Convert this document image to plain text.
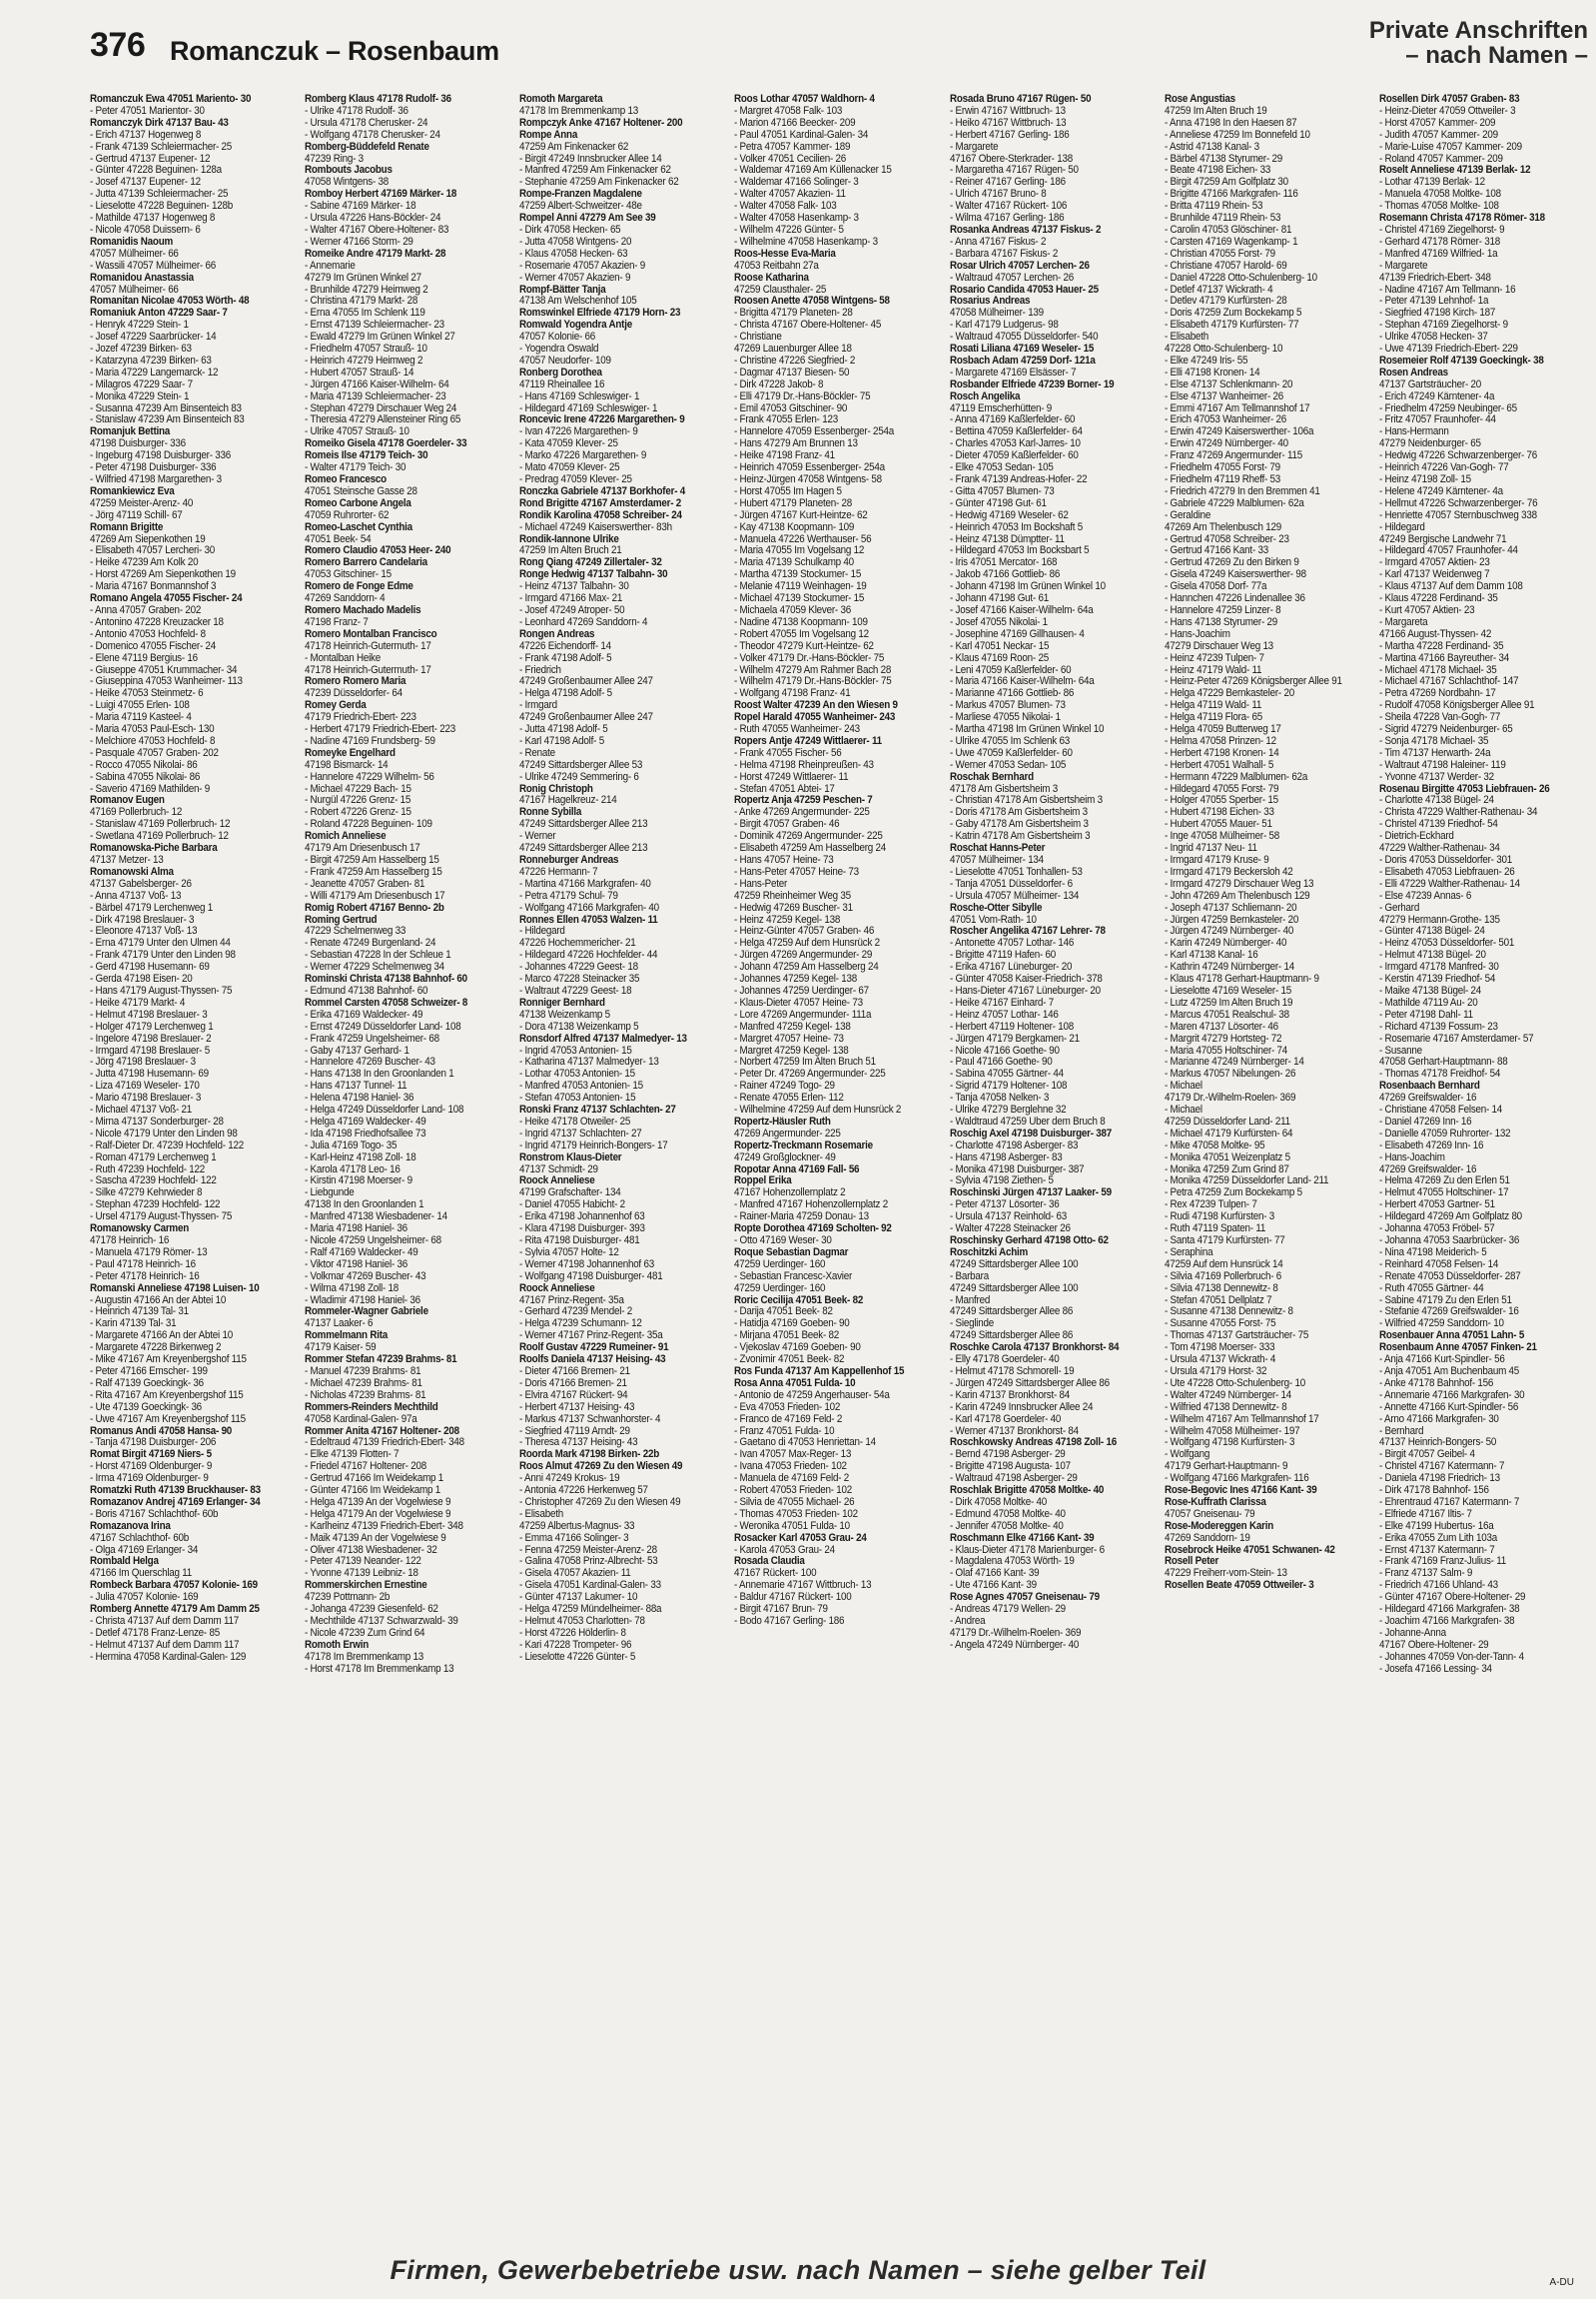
376 Romanczuk – Rosenbaum
Private Anschriften
– nach Namen –
Romanczuk Ewa 47051 Mariento- 30
- Peter 47051 Marientor- 30
Romanczyk Dirk 47137 Bau- 43
- Erich 47137 Hogenweg 8
- Frank 47139 Schleiermacher- 25
- Gertrud 47137 Eupener- 12
- Günter 47228 Beguinen- 128a
- Josef 47137 Eupener- 12
- Jutta 47139 Schleiermacher- 25
- Lieselotte 47228 Beguinen- 128b
- Mathilde 47137 Hogenweg 8
- Nicole 47058 Duissern- 6
Romanidis Naoum
47057 Mülheimer- 66
- Wassili 47057 Mülheimer- 66
Romanidou Anastassia
47057 Mülheimer- 66
Romanitan Nicolae 47053 Wörth- 48
Romaniuk Anton 47229 Saar- 7
- Henryk 47229 Stein- 1
- Josef 47229 Saarbrücker- 14
- Jozef 47239 Birken- 63
- Katarzyna 47239 Birken- 63
- Maria 47229 Langemarck- 12
- Milagros 47229 Saar- 7
- Monika 47229 Stein- 1
- Susanna 47239 Am Binsenteich 83
- Stanislaw 47239 Am Binsenteich 83
Romanjuk Bettina
47198 Duisburger- 336
- Ingeburg 47198 Duisburger- 336
- Peter 47198 Duisburger- 336
- Wilfried 47198 Margarethen- 3
Romankiewicz Eva
47259 Meister-Arenz- 40
- Jörg 47119 Schill- 67
Romann Brigitte
47269 Am Siepenkothen 19
- Elisabeth 47057 Lercheri- 30
- Heike 47239 Am Kolk 20
- Horst 47269 Am Siepenkothen 19
- Maria 47167 Bonmannshof 3
Romano Angela 47055 Fischer- 24
- Anna 47057 Graben- 202
- Antonino 47228 Kreuzacker 18
- Antonio 47053 Hochfeld- 8
- Domenico 47055 Fischer- 24
- Elene 47119 Bergius- 16
- Giuseppe 47051 Krummacher- 34
- Giuseppina 47053 Wanheimer- 113
- Heike 47053 Steinmetz- 6
- Luigi 47055 Erlen- 108
- Maria 47119 Kasteel- 4
- Maria 47053 Paul-Esch- 130
- Melchiore 47053 Hochfeld- 8
- Pasquale 47057 Graben- 202
- Rocco 47055 Nikolai- 86
- Sabina 47055 Nikolai- 86
- Saverio 47169 Mathilden- 9
Romanov Eugen
47169 Pollerbruch- 12
- Stanislaw 47169 Pollerbruch- 12
- Swetlana 47169 Pollerbruch- 12
Romanowska-Piche Barbara
47137 Metzer- 13
Romanowski Alma
47137 Gabelsberger- 26
- Anna 47137 Voß- 13
- Bärbel 47179 Lerchenweg 1
- Dirk 47198 Breslauer- 3
- Eleonore 47137 Voß- 13
- Erna 47179 Unter den Ulmen 44
- Frank 47179 Unter den Linden 98
- Gerd 47198 Husemann- 69
- Gerda 47198 Eisen- 20
- Hans 47179 August-Thyssen- 75
- Heike 47179 Markt- 4
- Helmut 47198 Breslauer- 3
- Holger 47179 Lerchenweg 1
- Ingelore 47198 Breslauer- 2
- Irmgard 47198 Breslauer- 5
- Jörg 47198 Breslauer- 3
- Jutta 47198 Husemann- 69
- Liza 47169 Weseler- 170
- Mario 47198 Breslauer- 3
- Michael 47137 Voß- 21
- Mirna 47137 Sonderburger- 28
- Nicole 47179 Unter den Linden 98
- Ralf-Dieter Dr. 47239 Hochfeld- 122
- Roman 47179 Lerchenweg 1
- Ruth 47239 Hochfeld- 122
- Sascha 47239 Hochfeld- 122
- Silke 47279 Kehrwieder 8
- Stephan 47239 Hochfeld- 122
- Ursel 47179 August-Thyssen- 75
Romanowsky Carmen
47178 Heinrich- 16
- Manuela 47179 Römer- 13
- Paul 47178 Heinrich- 16
- Peter 47178 Heinrich- 16
Romanski Anneliese 47198 Luisen- 10
- Augustin 47166 An der Abtei 10
- Heinrich 47139 Tal- 31
- Karin 47139 Tal- 31
- Margarete 47166 An der Abtei 10
- Margarete 47228 Birkenweg 2
- Mike 47167 Am Kreyenbergshof 115
- Peter 47166 Emscher- 199
- Ralf 47139 Goeckingk- 36
- Rita 47167 Am Kreyenbergshof 115
- Ute 47139 Goeckingk- 36
- Uwe 47167 Am Kreyenbergshof 115
Romanus Andi 47058 Hansa- 90
- Tanja 47198 Duisburger- 206
Romat Birgit 47169 Niers- 5
- Horst 47169 Oldenburger- 9
- Irma 47169 Oldenburger- 9
Romatzki Ruth 47139 Bruckhauser- 83
Romazanov Andrej 47169 Erlanger- 34
- Boris 47167 Schlachthof- 60b
Romazanova Irina
47167 Schlachthof- 60b
- Olga 47169 Erlanger- 34
Rombald Helga
47166 Im Querschlag 11
Rombeck Barbara 47057 Kolonie- 169
- Julia 47057 Kolonie- 169
Romberg Annette 47179 Am Damm 25
- Christa 47137 Auf dem Damm 117
- Detlef 47178 Franz-Lenze- 85
- Helmut 47137 Auf dem Damm 117
- Hermina 47058 Kardinal-Galen- 129
Romberg Klaus 47178 Rudolf- 36
- Ulrike 47178 Rudolf- 36
- Ursula 47178 Cherusker- 24
- Wolfgang 47178 Cherusker- 24
Romberg-Büddefeld Renate
47239 Ring- 3
Rombouts Jacobus
47058 Wintgens- 38
Romboy Herbert 47169 Märker- 18
- Sabine 47169 Märker- 18
- Ursula 47226 Hans-Böckler- 24
- Walter 47167 Obere-Holtener- 83
- Werner 47166 Storm- 29
Romeike Andre 47179 Markt- 28
- Annemarie
47279 Im Grünen Winkel 27
- Brunhilde 47279 Heimweg 2
- Christina 47179 Markt- 28
- Erna 47055 Im Schlenk 119
- Ernst 47139 Schleiermacher- 23
- Ewald 47279 Im Grünen Winkel 27
- Friedhelm 47057 Strauß- 10
- Heinrich 47279 Heimweg 2
- Hubert 47057 Strauß- 14
- Jürgen 47166 Kaiser-Wilhelm- 64
- Maria 47139 Schleiermacher- 23
- Stephan 47279 Dirschauer Weg 24
- Theresia 47279 Allensteiner Ring 65
- Ulrike 47057 Strauß- 10
Romeiko Gisela 47178 Goerdeler- 33
Romeis Ilse 47179 Teich- 30
- Walter 47179 Teich- 30
Romeo Francesco
47051 Steinsche Gasse 28
Romeo Carbone Angela
47059 Ruhrorter- 62
Romeo-Laschet Cynthia
47051 Beek- 54
Romero Claudio 47053 Heer- 240
Romero Barrero Candelaria
47053 Gitschiner- 15
Romero de Fonge Edme
47269 Sanddorn- 4
Romero Machado Madelis
47198 Franz- 7
Romero Montalban Francisco
47178 Heinrich-Gutermuth- 17
- Montalban Heike
47178 Heinrich-Gutermuth- 17
Romero Romero Maria
47239 Düsseldorfer- 64
Romey Gerda
47179 Friedrich-Ebert- 223
- Herbert 47179 Friedrich-Ebert- 223
- Nadine 47169 Frundsberg- 59
Romeyke Engelhard
47198 Bismarck- 14
- Hannelore 47229 Wilhelm- 56
- Michael 47229 Bach- 15
- Nurgül 47226 Grenz- 15
- Robert 47226 Grenz- 15
- Roland 47228 Beguinen- 109
Romich Anneliese
47179 Am Driesenbusch 17
- Birgit 47259 Am Hasselberg 15
- Frank 47259 Am Hasselberg 15
- Jeanette 47057 Graben- 81
- Willi 47179 Am Driesenbusch 17
Romig Robert 47167 Benno- 2b
Roming Gertrud
47229 Schelmenweg 33
- Renate 47249 Burgenland- 24
- Sebastian 47228 In der Schleue 1
- Werner 47229 Schelmenweg 34
Rominski Christa 47138 Bahnhof- 60
- Edmund 47138 Bahnhof- 60
Rommel Carsten 47058 Schweizer- 8
- Erika 47169 Waldecker- 49
- Ernst 47249 Düsseldorfer Land- 108
- Frank 47259 Ungelsheimer- 68
- Gaby 47137 Gerhard- 1
- Hannelore 47269 Buscher- 43
- Hans 47138 In den Groonlanden 1
- Hans 47137 Tunnel- 11
- Helena 47198 Haniel- 36
- Helga 47249 Düsseldorfer Land- 108
- Helga 47169 Waldecker- 49
- Ida 47198 Friedhofsallee 73
- Julia 47169 Togo- 35
- Karl-Heinz 47198 Zoll- 18
- Karola 47178 Leo- 16
- Kirstin 47198 Moerser- 9
- Liebgunde
47138 In den Groonlanden 1
- Manfred 47138 Wiesbadener- 14
- Maria 47198 Haniel- 36
- Nicole 47259 Ungelsheimer- 68
- Ralf 47169 Waldecker- 49
- Viktor 47198 Haniel- 36
- Volkmar 47269 Buscher- 43
- Wilma 47198 Zoll- 18
- Wladimir 47198 Haniel- 36
Rommeler-Wagner Gabriele
47137 Laaker- 6
Rommelmann Rita
47179 Kaiser- 59
Rommer Stefan 47239 Brahms- 81
- Manuel 47239 Brahms- 81
- Michael 47239 Brahms- 81
- Nicholas 47239 Brahms- 81
Rommers-Reinders Mechthild
47058 Kardinal-Galen- 97a
Rommer Anita 47167 Holtener- 208
- Edeltraud 47139 Friedrich-Ebert- 348
- Elke 47139 Flotten- 7
- Friedel 47167 Holtener- 208
- Gertrud 47166 Im Weidekamp 1
- Günter 47166 Im Weidekamp 1
- Helga 47139 An der Vogelwiese 9
- Helga 47179 An der Vogelwiese 9
- Karlheinz 47139 Friedrich-Ebert- 348
- Maik 47139 An der Vogelwiese 9
- Oliver 47138 Wiesbadener- 32
- Peter 47139 Neander- 122
- Yvonne 47139 Leibniz- 18
Rommerskirchen Ernestine
47239 Pottmann- 2b
- Johanga 47239 Giesenfeld- 62
- Mechthilde 47137 Schwarzwald- 39
- Nicole 47239 Zum Grind 64
Romoth Erwin
47178 Im Bremmenkamp 13
- Horst 47178 Im Bremmenkamp 13
Romoth Margareta
47178 Im Bremmenkamp 13
Rompczyk Anke 47167 Holtener- 200
Rompe Anna
47259 Am Finkenacker 62
- Birgit 47249 Innsbrucker Allee 14
- Manfred 47259 Am Finkenacker 62
- Stephanie 47259 Am Finkenacker 62
Rompe-Franzen Magdalene
47259 Albert-Schweitzer- 48e
Rompel Anni 47279 Am See 39
- Dirk 47058 Hecken- 65
- Jutta 47058 Wintgens- 20
- Klaus 47058 Hecken- 63
- Rosemarie 47057 Akazien- 9
- Werner 47057 Akazien- 9
Rompf-Bätter Tanja
47138 Am Welschenhof 105
Romswinkel Elfriede 47179 Horn- 23
Romwald Yogendra Antje
47057 Kolonie- 66
- Yogendra Oswald
47057 Neudorfer- 109
Ronberg Dorothea
47119 Rheinallee 16
- Hans 47169 Schleswiger- 1
- Hildegard 47169 Schleswiger- 1
Roncevic Irene 47226 Margarethen- 9
- Ivan 47226 Margarethen- 9
- Kata 47059 Klever- 25
- Marko 47226 Margarethen- 9
- Mato 47059 Klever- 25
- Predrag 47059 Klever- 25
Ronczka Gabriele 47137 Borkhofer- 4
Rond Brigitte 47167 Amsterdamer- 2
Rondik Karolina 47058 Schreiber- 24
- Michael 47249 Kaiserswerther- 83h
Rondik-Iannone Ulrike
47259 Im Alten Bruch 21
Rong Qiang 47249 Zillertaler- 32
Ronge Hedwig 47137 Talbahn- 30
- Heinz 47137 Talbahn- 30
- Irmgard 47166 Max- 21
- Josef 47249 Atroper- 50
- Leonhard 47269 Sanddorn- 4
Rongen Andreas
47226 Eichendorff- 14
- Frank 47198 Adolf- 5
- Friedrich
47249 Großenbaumer Allee 247
- Helga 47198 Adolf- 5
- Irmgard
47249 Großenbaumer Allee 247
- Jutta 47198 Adolf- 5
- Karl 47198 Adolf- 5
- Renate
47249 Sittardsberger Allee 53
- Ulrike 47249 Semmering- 6
Ronig Christoph
47167 Hagelkreuz- 214
Ronne Sybilla
47249 Sittardsberger Allee 213
- Werner
47249 Sittardsberger Allee 213
Ronneburger Andreas
47226 Hermann- 7
- Martina 47166 Markgrafen- 40
- Petra 47179 Schul- 79
- Wolfgang 47166 Markgrafen- 40
Ronnes Ellen 47053 Walzen- 11
- Hildegard
47226 Hochemmericher- 21
- Hildegard 47226 Hochfelder- 44
- Johannes 47229 Geest- 18
- Marco 47228 Steinacker 35
- Waltraut 47229 Geest- 18
Ronniger Bernhard
47138 Weizenkamp 5
- Dora 47138 Weizenkamp 5
Ronsdorf Alfred 47137 Malmedyer- 13
- Ingrid 47053 Antonien- 15
- Katharina 47137 Malmedyer- 13
- Lothar 47053 Antonien- 15
- Manfred 47053 Antonien- 15
- Stefan 47053 Antonien- 15
Ronski Franz 47137 Schlachten- 27
- Heike 47178 Otweiler- 25
- Ingrid 47137 Schlachten- 27
- Ingrid 47179 Heinrich-Bongers- 17
Ronstrom Klaus-Dieter
47137 Schmidt- 29
Roock Anneliese
47199 Grafschafter- 134
- Daniel 47055 Habicht- 2
- Erika 47198 Johannenhof 63
- Klara 47198 Duisburger- 393
- Rita 47198 Duisburger- 481
- Sylvia 47057 Holte- 12
- Werner 47198 Johannenhof 63
- Wolfgang 47198 Duisburger- 481
Roock Anneliese
47167 Prinz-Regent- 35a
- Gerhard 47239 Mendel- 2
- Helga 47239 Schumann- 12
- Werner 47167 Prinz-Regent- 35a
Roolf Gustav 47229 Rumeiner- 91
Roolfs Daniela 47137 Heising- 43
- Dieter 47166 Bremen- 21
- Doris 47166 Bremen- 21
- Elvira 47167 Rückert- 94
- Herbert 47137 Heising- 43
- Markus 47137 Schwanhorster- 4
- Siegfried 47119 Arndt- 29
- Theresa 47137 Heising- 43
Roorda Mark 47198 Birken- 22b
Roos Almut 47269 Zu den Wiesen 49
- Anni 47249 Krokus- 19
- Antonia 47226 Herkenweg 57
- Christopher 47269 Zu den Wiesen 49
- Elisabeth
47259 Albertus-Magnus- 33
- Emma 47166 Solinger- 3
- Fenna 47259 Meister-Arenz- 28
- Galina 47058 Prinz-Albrecht- 53
- Gisela 47057 Akazien- 11
- Gisela 47051 Kardinal-Galen- 33
- Günter 47137 Lakumer- 10
- Helga 47259 Mündelheimer- 88a
- Helmut 47053 Charlotten- 78
- Horst 47226 Hölderlin- 8
- Kari 47228 Trompeter- 96
- Lieselotte 47226 Günter- 5
Roos Lothar 47057 Waldhorn- 4
- Margret 47058 Falk- 103
- Marion 47166 Beecker- 209
- Paul 47051 Kardinal-Galen- 34
- Petra 47057 Kammer- 189
- Volker 47051 Cecilien- 26
- Waldemar 47169 Am Küllenacker 15
- Waldemar 47166 Solinger- 3
- Walter 47057 Akazien- 11
- Walter 47058 Falk- 103
- Walter 47058 Hasenkamp- 3
- Wilhelm 47226 Günter- 5
- Wilhelmine 47058 Hasenkamp- 3
Roos-Hesse Eva-Maria
47053 Reitbahn 27a
Roose Katharina
47259 Clausthaler- 25
Roosen Anette 47058 Wintgens- 58
- Brigitta 47179 Planeten- 28
- Christa 47167 Obere-Holtener- 45
- Christiane
47269 Lauenburger Allee 18
- Christine 47226 Siegfried- 2
- Dagmar 47137 Biesen- 50
- Dirk 47228 Jakob- 8
- Elli 47179 Dr.-Hans-Böckler- 75
- Emil 47053 Gitschiner- 90
- Frank 47055 Erlen- 123
- Hannelore 47059 Essenberger- 254a
- Hans 47279 Am Brunnen 13
- Heike 47198 Franz- 41
- Heinrich 47059 Essenberger- 254a
- Heinz-Jürgen 47058 Wintgens- 58
- Horst 47055 Im Hagen 5
- Hubert 47179 Planeten- 28
- Jürgen 47167 Kurt-Heintze- 62
- Kay 47138 Koopmann- 109
- Manuela 47226 Werthauser- 56
- Maria 47055 Im Vogelsang 12
- Maria 47139 Schulkamp 40
- Martha 47139 Stockumer- 15
- Melanie 47119 Weinhagen- 19
- Michael 47139 Stockumer- 15
- Michaela 47059 Klever- 36
- Nadine 47138 Koopmann- 109
- Robert 47055 Im Vogelsang 12
- Theodor 47279 Kurt-Heintze- 62
- Volker 47179 Dr.-Hans-Böckler- 75
- Wilhelm 47279 Am Rahmer Bach 28
- Wilhelm 47179 Dr.-Hans-Böckler- 75
- Wolfgang 47198 Franz- 41
Roost Walter 47239 An den Wiesen 9
Ropel Harald 47055 Wanheimer- 243
- Ruth 47055 Wanheimer- 243
Ropers Antje 47249 Wittlaerer- 11
- Frank 47055 Fischer- 56
- Helma 47198 Rheinpreußen- 43
- Horst 47249 Wittlaerer- 11
- Stefan 47051 Abtei- 17
Ropertz Anja 47259 Peschen- 7
- Anke 47269 Angermunder- 225
- Birgit 47057 Graben- 46
- Dominik 47269 Angermunder- 225
- Elisabeth 47259 Am Hasselberg 24
- Hans 47057 Heine- 73
- Hans-Peter 47057 Heine- 73
- Hans-Peter
47259 Rheinheimer Weg 35
- Hedwig 47269 Buscher- 31
- Heinz 47259 Kegel- 138
- Heinz-Günter 47057 Graben- 46
- Helga 47259 Auf dem Hunsrück 2
- Jürgen 47269 Angermunder- 29
- Johann 47259 Am Hasselberg 24
- Johannes 47259 Kegel- 138
- Johannes 47259 Uerdinger- 67
- Klaus-Dieter 47057 Heine- 73
- Lore 47269 Angermunder- 111a
- Manfred 47259 Kegel- 138
- Margret 47057 Heine- 73
- Margret 47259 Kegel- 138
- Norbert 47259 Im Alten Bruch 51
- Peter Dr. 47269 Angermunder- 225
- Rainer 47249 Togo- 29
- Renate 47055 Erlen- 112
- Wilhelmine 47259 Auf dem Hunsrück 2
Ropertz-Häusler Ruth
47269 Angermunder- 225
Ropertz-Treckmann Rosemarie
47249 Großglockner- 49
Ropotar Anna 47169 Fall- 56
Roppel Erika
47167 Hohenzollernplatz 2
- Manfred 47167 Hohenzollernplatz 2
- Rainer-Maria 47259 Donau- 13
Ropte Dorothea 47169 Scholten- 92
- Otto 47169 Weser- 30
Roque Sebastian Dagmar
47259 Uerdinger- 160
- Sebastian Francesc-Xavier
47259 Uerdinger- 160
Roric Cecilija 47051 Beek- 82
- Darija 47051 Beek- 82
- Hatidja 47169 Goeben- 90
- Mirjana 47051 Beek- 82
- Vjekoslav 47169 Goeben- 90
- Zvonimir 47051 Beek- 82
Ros Funda 47137 Am Kappellenhof 15
Rosa Anna 47051 Fulda- 10
- Antonio de 47259 Angerhauser- 54a
- Eva 47053 Frieden- 102
- Franco de 47169 Feld- 2
- Franz 47051 Fulda- 10
- Gaetano di 47053 Henriettan- 14
- Ivan 47057 Max-Reger- 13
- Ivana 47053 Frieden- 102
- Manuela de 47169 Feld- 2
- Robert 47053 Frieden- 102
- Silvia de 47055 Michael- 26
- Thomas 47053 Frieden- 102
- Weronika 47051 Fulda- 10
Rosacker Karl 47053 Grau- 24
- Karola 47053 Grau- 24
Rosada Claudia
47167 Rückert- 100
- Annemarie 47167 Wittbruch- 13
- Baldur 47167 Rückert- 100
- Birgit 47167 Brun- 79
- Bodo 47167 Gerling- 186
Rosada Bruno 47167 Rügen- 50
- Erwin 47167 Wittbruch- 13
- Heiko 47167 Wittbruch- 13
- Herbert 47167 Gerling- 186
- Margarete
47167 Obere-Sterkrader- 138
- Margaretha 47167 Rügen- 50
- Reiner 47167 Gerling- 186
- Ulrich 47167 Bruno- 8
- Walter 47167 Rückert- 106
- Wilma 47167 Gerling- 186
Rosanka Andreas 47137 Fiskus- 2
- Anna 47167 Fiskus- 2
- Barbara 47167 Fiskus- 2
Rosar Ulrich 47057 Lerchen- 26
- Waltraud 47057 Lerchen- 26
Rosario Candida 47053 Hauer- 25
Rosarius Andreas
47058 Mülheimer- 139
- Karl 47179 Ludgerus- 98
- Waltraud 47055 Düsseldorfer- 540
Rosati Liliana 47169 Weseler- 15
Rosbach Adam 47259 Dorf- 121a
- Margarete 47169 Elsässer- 7
Rosbander Elfriede 47239 Borner- 19
Rosch Angelika
47119 Emscherhütten- 9
- Anna 47169 Kaßlerfelder- 60
- Bettina 47059 Kaßlerfelder- 64
- Charles 47053 Karl-Jarres- 10
- Dieter 47059 Kaßlerfelder- 60
- Elke 47053 Sedan- 105
- Frank 47139 Andreas-Hofer- 22
- Gitta 47057 Blumen- 73
- Günter 47198 Gut- 61
- Hedwig 47169 Weseler- 62
- Heinrich 47053 Im Bockshaft 5
- Heinz 47138 Dümptter- 11
- Hildegard 47053 Im Bocksbart 5
- Iris 47051 Mercator- 168
- Jakob 47166 Gottlieb- 86
- Johann 47198 Im Grünen Winkel 10
- Johann 47198 Gut- 61
- Josef 47166 Kaiser-Wilhelm- 64a
- Josef 47055 Nikolai- 1
- Josephine 47169 Gillhausen- 4
- Karl 47051 Neckar- 15
- Klaus 47169 Roon- 25
- Leni 47059 Kaßlerfelder- 60
- Maria 47166 Kaiser-Wilhelm- 64a
- Marianne 47166 Gottlieb- 86
- Markus 47057 Blumen- 73
- Marliese 47055 Nikolai- 1
- Martha 47198 Im Grünen Winkel 10
- Ulrike 47055 Im Schlenk 63
- Uwe 47059 Kaßlerfelder- 60
- Werner 47053 Sedan- 105
Roschak Bernhard
47178 Am Gisbertsheim 3
- Christian 47178 Am Gisbertsheim 3
- Doris 47178 Am Gisbertsheim 3
- Gaby 47178 Am Gisbertsheim 3
- Katrin 47178 Am Gisbertsheim 3
Roschat Hanns-Peter
47057 Mülheimer- 134
- Lieselotte 47051 Tonhallen- 53
- Tanja 47051 Düsseldorfer- 6
- Ursula 47057 Mülheimer- 134
Rosche-Otter Sibylle
47051 Vom-Rath- 10
Roscher Angelika 47167 Lehrer- 78
- Antonette 47057 Lothar- 146
- Brigitte 47119 Hafen- 60
- Erika 47167 Lüneburger- 20
- Günter 47058 Kaiser-Friedrich- 378
- Hans-Dieter 47167 Lüneburger- 20
- Heike 47167 Einhard- 7
- Heinz 47057 Lothar- 146
- Herbert 47119 Holtener- 108
- Jürgen 47179 Bergkamen- 21
- Nicole 47166 Goethe- 90
- Paul 47166 Goethe- 90
- Sabina 47055 Gärtner- 44
- Sigrid 47179 Holtener- 108
- Tanja 47058 Nelken- 3
- Ulrike 47279 Berglehne 32
- Waldtraud 47259 Uber dem Bruch 8
Roschig Axel 47198 Duisburger- 387
- Charlotte 47198 Asberger- 83
- Hans 47198 Asberger- 83
- Monika 47198 Duisburger- 387
- Sylvia 47198 Ziethen- 5
Roschinski Jürgen 47137 Laaker- 59
- Peter 47137 Lösorter- 36
- Ursula 47137 Reinhold- 63
- Walter 47228 Steinacker 26
Roschinsky Gerhard 47198 Otto- 62
Roschitzki Achim
47249 Sittardsberger Allee 100
- Barbara
47249 Sittardsberger Allee 100
- Manfred
47249 Sittardsberger Allee 86
- Sieglinde
47249 Sittardsberger Allee 86
Roschke Carola 47137 Bronkhorst- 84
- Elly 47178 Goerdeler- 40
- Helmut 47178 Schmorell- 19
- Jürgen 47249 Sittardsberger Allee 86
- Karin 47137 Bronkhorst- 84
- Karin 47249 Innsbrucker Allee 24
- Karl 47178 Goerdeler- 40
- Werner 47137 Bronkhorst- 84
Roschkowsky Andreas 47198 Zoll- 16
- Bernd 47198 Asberger- 29
- Brigitte 47198 Augusta- 107
- Waltraud 47198 Asberger- 29
Roschlak Brigitte 47058 Moltke- 40
- Dirk 47058 Moltke- 40
- Edmund 47058 Moltke- 40
- Jennifer 47058 Moltke- 40
Roschmann Elke 47166 Kant- 39
- Klaus-Dieter 47178 Marienburger- 6
- Magdalena 47053 Wörth- 19
- Olaf 47166 Kant- 39
- Ute 47166 Kant- 39
Rose Agnes 47057 Gneisenau- 79
- Andreas 47179 Wellen- 29
- Andrea
47179 Dr.-Wilhelm-Roelen- 369
- Angela 47249 Nürnberger- 40
Rose Angustias
47259 Im Alten Bruch 19
- Anna 47198 In den Haesen 87
- Anneliese 47259 Im Bonnefeld 10
- Astrid 47138 Kanal- 3
- Bärbel 47138 Styrumer- 29
- Beate 47198 Eichen- 33
- Birgit 47259 Am Golfplatz 30
- Brigitte 47166 Markgrafen- 116
- Britta 47119 Rhein- 53
- Brunhilde 47119 Rhein- 53
- Carolin 47053 Glöschiner- 81
- Carsten 47169 Wagenkamp- 1
- Christian 47055 Forst- 79
- Christiane 47057 Harold- 69
- Daniel 47228 Otto-Schulenberg- 10
- Detlef 47137 Wickrath- 4
- Detlev 47179 Kurfürsten- 28
- Doris 47259 Zum Bockekamp 5
- Elisabeth 47179 Kurfürsten- 77
- Elisabeth
47228 Otto-Schulenberg- 10
- Elke 47249 Iris- 55
- Elli 47198 Kronen- 14
- Else 47137 Schlenkmann- 20
- Else 47137 Wanheimer- 26
- Emmi 47167 Am Tellmannshof 17
- Erich 47053 Wanheimer- 26
- Erwin 47249 Kaiserswerther- 106a
- Erwin 47249 Nürnberger- 40
- Franz 47269 Angermunder- 115
- Friedhelm 47055 Forst- 79
- Friedhelm 47119 Rheff- 53
- Friedrich 47279 In den Bremmen 41
- Gabriele 47229 Malblumen- 62a
- Geraldine
47269 Am Thelenbusch 129
- Gertrud 47058 Schreiber- 23
- Gertrud 47166 Kant- 33
- Gertrud 47269 Zu den Birken 9
- Gisela 47249 Kaiserswerther- 98
- Gisela 47058 Dorf- 77a
- Hannchen 47226 Lindenallee 36
- Hannelore 47259 Linzer- 8
- Hans 47138 Styrumer- 29
- Hans-Joachim
47279 Dirschauer Weg 13
- Heinz 47239 Tulpen- 7
- Heinz 47179 Wald- 11
- Heinz-Peter 47269 Königsberger Allee 91
- Helga 47229 Bernkasteler- 20
- Helga 47119 Wald- 11
- Helga 47119 Flora- 65
- Helga 47059 Butterweg 17
- Helma 47058 Prinzen- 12
- Herbert 47198 Kronen- 14
- Herbert 47051 Walhall- 5
- Hermann 47229 Malblumen- 62a
- Hildegard 47055 Forst- 79
- Holger 47055 Sperber- 15
- Hubert 47198 Eichen- 33
- Hubert 47055 Mauer- 51
- Inge 47058 Mülheimer- 58
- Ingrid 47137 Neu- 11
- Irmgard 47179 Kruse- 9
- Irmgard 47179 Beckersloh 42
- Irmgard 47279 Dirschauer Weg 13
- John 47269 Am Thelenbusch 129
- Joseph 47137 Schliemann- 20
- Jürgen 47259 Bernkasteler- 20
- Jürgen 47249 Nürnberger- 40
- Karin 47249 Nürnberger- 40
- Karl 47138 Kanal- 16
- Kathrin 47249 Nürnberger- 14
- Klaus 47178 Gerhart-Hauptmann- 9
- Lieselotte 47169 Weseler- 15
- Lutz 47259 Im Alten Bruch 19
- Marcus 47051 Realschul- 38
- Maren 47137 Lösorter- 46
- Margrit 47279 Hortsteg- 72
- Maria 47055 Holtschiner- 74
- Marianne 47249 Nürnberger- 14
- Markus 47057 Nibelungen- 26
- Michael
47179 Dr.-Wilhelm-Roelen- 369
- Michael
47259 Düsseldorfer Land- 211
- Michael 47179 Kurfürsten- 64
- Mike 47058 Moltke- 95
- Monika 47051 Weizenplatz 5
- Monika 47259 Zum Grind 87
- Monika 47259 Düsseldorfer Land- 211
- Petra 47259 Zum Bockekamp 5
- Rex 47239 Tulpen- 7
- Rudi 47198 Kurfürsten- 3
- Ruth 47119 Spaten- 11
- Santa 47179 Kurfürsten- 77
- Seraphina
47259 Auf dem Hunsrück 14
- Silvia 47169 Pollerbruch- 6
- Silvia 47138 Dennewitz- 8
- Stefan 47051 Dellplatz 7
- Susanne 47138 Dennewitz- 8
- Susanne 47055 Forst- 75
- Thomas 47137 Gartsträucher- 75
- Tom 47198 Moerser- 333
- Ursula 47137 Wickrath- 4
- Ursula 47179 Horst- 32
- Ute 47228 Otto-Schulenberg- 10
- Walter 47249 Nürnberger- 14
- Wilfried 47138 Dennewitz- 8
- Wilhelm 47167 Am Tellmannshof 17
- Wilhelm 47058 Mülheimer- 197
- Wolfgang 47198 Kurfürsten- 3
- Wolfgang
47179 Gerhart-Hauptmann- 9
- Wolfgang 47166 Markgrafen- 116
Rose-Begovic Ines 47166 Kant- 39
Rose-Kuffrath Clarissa
47057 Gneisenau- 79
Rose-Modereggen Karin
47269 Sanddorn- 19
Rosebrock Heike 47051 Schwanen- 42
Rosell Peter
47229 Freiherr-vom-Stein- 13
Rosellen Beate 47059 Ottweiler- 3
Rosellen Dirk 47057 Graben- 83
- Heinz-Dieter 47059 Ottweiler- 3
- Horst 47057 Kammer- 209
- Judith 47057 Kammer- 209
- Marie-Luise 47057 Kammer- 209
- Roland 47057 Kammer- 209
Roselt Anneliese 47139 Berlak- 12
- Lothar 47139 Berlak- 12
- Manuela 47058 Moltke- 108
- Thomas 47058 Moltke- 108
Rosemann Christa 47178 Römer- 318
- Christel 47169 Ziegelhorst- 9
- Gerhard 47178 Römer- 318
- Manfred 47169 Wilfried- 1a
- Margarete
47139 Friedrich-Ebert- 348
- Nadine 47167 Am Tellmann- 16
- Peter 47139 Lehnhof- 1a
- Siegfried 47198 Kirch- 187
- Stephan 47169 Ziegelhorst- 9
- Ulrike 47058 Hecken- 37
- Uwe 47139 Friedrich-Ebert- 229
Rosemeier Rolf 47139 Goeckingk- 38
Rosen Andreas
47137 Gartsträucher- 20
- Erich 47249 Kärntener- 4a
- Friedhelm 47259 Neubinger- 65
- Fritz 47057 Fraunhofer- 44
- Hans-Hermann
47279 Neidenburger- 65
- Hedwig 47226 Schwarzenberger- 76
- Heinrich 47226 Van-Gogh- 77
- Heinz 47198 Zoll- 15
- Helene 47249 Kärntener- 4a
- Hellmut 47226 Schwarzenberger- 76
- Henriette 47057 Sternbuschweg 338
- Hildegard
47249 Bergische Landwehr 71
- Hildegard 47057 Fraunhofer- 44
- Irmgard 47057 Aktien- 23
- Karl 47137 Weidenweg 7
- Klaus 47137 Auf dem Damm 108
- Klaus 47228 Ferdinand- 35
- Kurt 47057 Aktien- 23
- Margareta
47166 August-Thyssen- 42
- Martha 47228 Ferdinand- 35
- Martina 47166 Bayreuther- 34
- Michael 47178 Michael- 35
- Michael 47167 Schlachthof- 147
- Petra 47269 Nordbahn- 17
- Rudolf 47058 Königsberger Allee 91
- Sheila 47228 Van-Gogh- 77
- Sigrid 47279 Neidenburger- 65
- Sonja 47178 Michael- 35
- Tim 47137 Herwarth- 24a
- Waltraut 47198 Haleiner- 119
- Yvonne 47137 Werder- 32
Rosenau Birgitte 47053 Liebfrauen- 26
- Charlotte 47138 Bügel- 24
- Christa 47229 Walther-Rathenau- 34
- Christel 47139 Friedhof- 54
- Dietrich-Eckhard
47229 Walther-Rathenau- 34
- Doris 47053 Düsseldorfer- 301
- Elisabeth 47053 Liebfrauen- 26
- Elli 47229 Walther-Rathenau- 14
- Else 47239 Annas- 6
- Gerhard
47279 Hermann-Grothe- 135
- Günter 47138 Bügel- 24
- Heinz 47053 Düsseldorfer- 501
- Helmut 47138 Bügel- 20
- Irmgard 47178 Manfred- 30
- Kerstin 47139 Friedhof- 54
- Maike 47138 Bügel- 24
- Mathilde 47119 Au- 20
- Peter 47198 Dahl- 11
- Richard 47139 Fossum- 23
- Rosemarie 47167 Amsterdamer- 57
- Susanne
47058 Gerhart-Hauptmann- 88
- Thomas 47178 Freidhof- 54
Rosenbaach Bernhard
47269 Greifswalder- 16
- Christiane 47058 Felsen- 14
- Daniel 47269 Inn- 16
- Danielle 47059 Ruhrorter- 132
- Elisabeth 47269 Inn- 16
- Hans-Joachim
47269 Greifswalder- 16
- Helma 47269 Zu den Erlen 51
- Helmut 47055 Holtschiner- 17
- Herbert 47053 Gartner- 51
- Hildegard 47269 Am Golfplatz 80
- Johanna 47053 Fröbel- 57
- Johanna 47053 Saarbrücker- 36
- Nina 47198 Meiderich- 5
- Reinhard 47058 Felsen- 14
- Renate 47053 Düsseldorfer- 287
- Ruth 47055 Gärtner- 44
- Sabine 47179 Zu den Erlen 51
- Stefanie 47269 Greifswalder- 16
- Wilfried 47259 Sanddorn- 10
Rosenbauer Anna 47051 Lahn- 5
Rosenbaum Anne 47057 Finken- 21
- Anja 47166 Kurt-Spindler- 56
- Anja 47051 Am Buchenbaum 45
- Anke 47178 Bahnhof- 156
- Annemarie 47166 Markgrafen- 30
- Annette 47166 Kurt-Spindler- 56
- Arno 47166 Markgrafen- 30
- Bernhard
47137 Heinrich-Bongers- 50
- Birgit 47057 Geibel- 4
- Christel 47167 Katermann- 7
- Daniela 47198 Friedrich- 13
- Dirk 47178 Bahnhof- 156
- Ehrentraud 47167 Katermann- 7
- Elfriede 47167 Iltis- 7
- Elke 47199 Hubertus- 16a
- Erika 47055 Zum Lith 103a
- Ernst 47137 Katermann- 7
- Frank 47169 Franz-Julius- 11
- Franz 47137 Salm- 9
- Friedrich 47166 Uhland- 43
- Günter 47167 Obere-Holtener- 29
- Hildegard 47166 Markgrafen- 38
- Joachim 47166 Markgrafen- 38
- Johanne-Anna
47167 Obere-Holtener- 29
- Johannes 47059 Von-der-Tann- 4
- Josefa 47166 Lessing- 34
Firmen, Gewerbebetriebe usw. nach Namen – siehe gelber Teil	A-DU
